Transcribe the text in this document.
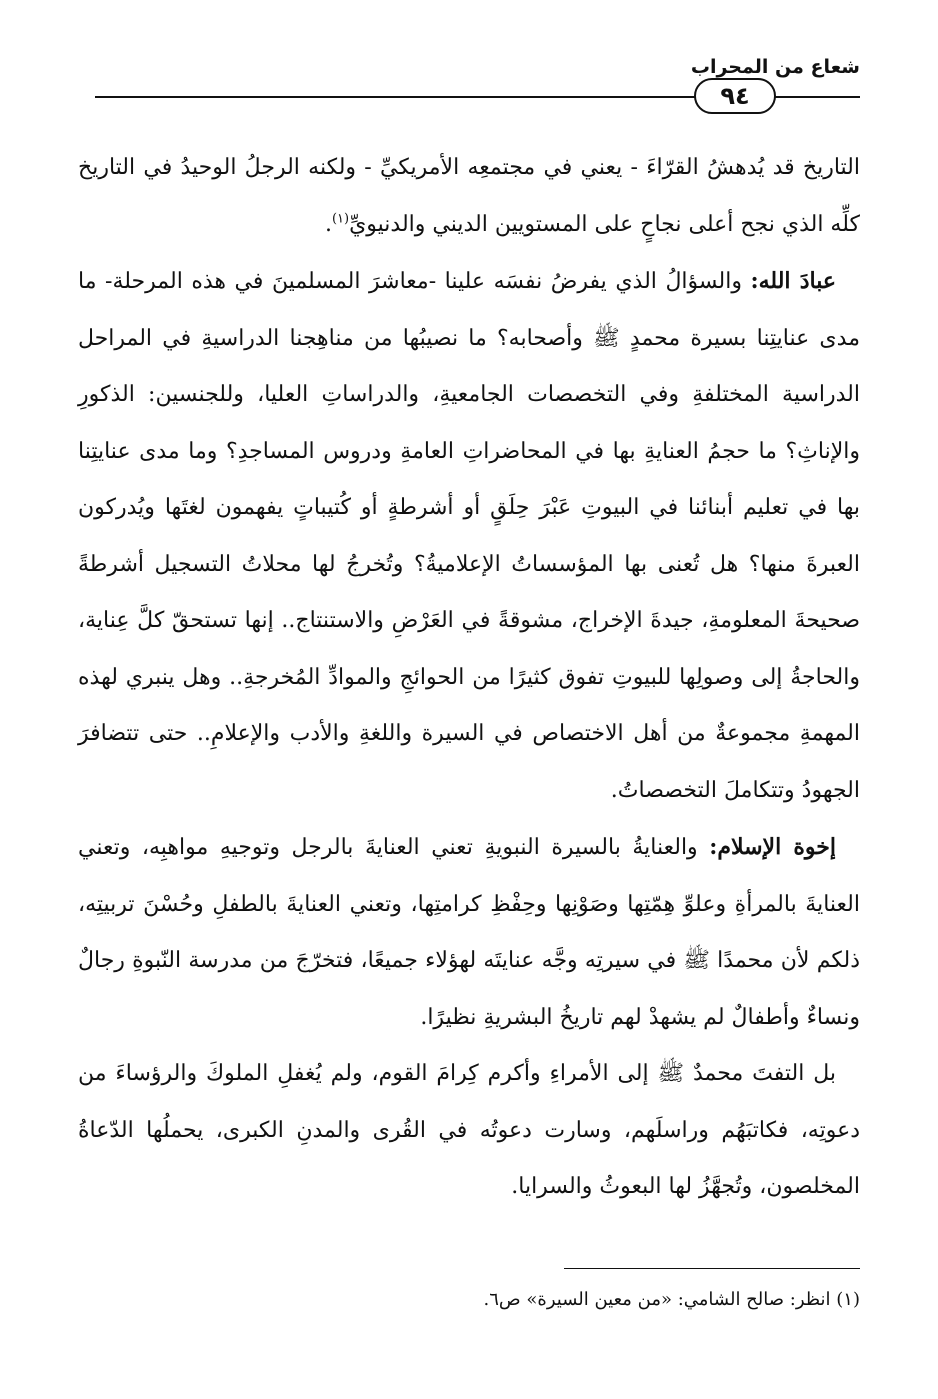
شعاع من المحراب
٩٤

التاريخ قد يُدهشُ القرّاءَ - يعني في مجتمعِه الأمريكيِّ - ولكنه الرجلُ الوحيدُ في التاريخ كلِّه الذي نجح أعلى نجاحٍ على المستويين الديني والدنيويِّ$^{(١)}$.

عبادَ الله: والسؤالُ الذي يفرضُ نفسَه علينا -معاشرَ المسلمينَ في هذه المرحلة- ما مدى عنايتِنا بسيرة محمدٍ ﷺ وأصحابه؟ ما نصيبُها من مناهِجنا الدراسيةِ في المراحل الدراسية المختلفةِ وفي التخصصات الجامعيةِ، والدراساتِ العليا، وللجنسين: الذكورِ والإناثِ؟ ما حجمُ العنايةِ بها في المحاضراتِ العامةِ ودروس المساجدِ؟ وما مدى عنايتِنا بها في تعليم أبنائنا في البيوتِ عَبْرَ حِلَقٍ أو أشرطةٍ أو كُتيباتٍ يفهمون لغتَها ويُدركون العبرةَ منها؟ هل تُعنى بها المؤسساتُ الإعلاميةُ؟ وتُخرجُ لها محلاتُ التسجيل أشرطةً صحيحةَ المعلومةِ، جيدةَ الإخراج، مشوقةً في العَرْضِ والاستنتاج.. إنها تستحقّ كلَّ عِناية، والحاجةُ إلى وصولِها للبيوتِ تفوق كثيرًا من الحوائجِ والموادِّ المُخرجةِ.. وهل ينبري لهذه المهمةِ مجموعةٌ من أهل الاختصاص في السيرة واللغةِ والأدب والإعلامِ.. حتى تتضافرَ الجهودُ وتتكاملَ التخصصاتُ.

إخوة الإسلام: والعنايةُ بالسيرة النبويةِ تعني العنايةَ بالرجل وتوجيهِ مواهبِه، وتعني العنايةَ بالمرأةِ وعلوِّ هِمّتِها وصَوْنِها وحِفْظِ كرامتِها، وتعني العنايةَ بالطفلِ وحُسْنَ تربيتِه، ذلكم لأن محمدًا ﷺ في سيرتِه وجَّه عنايتَه لهؤلاء جميعًا، فتخرّجَ من مدرسة النّبوةِ رجالٌ ونساءٌ وأطفالٌ لم يشهدْ لهم تاريخُ البشريةِ نظيرًا.

بل التفتَ محمدٌ ﷺ إلى الأمراءِ وأكرم كِرامَ القوم، ولم يُغفلِ الملوكَ والرؤساءَ من دعوتِه، فكاتبَهُم وراسلَهم، وسارت دعوتُه في القُرى والمدنِ الكبرى، يحملُها الدّعاةُ المخلصون، وتُجهَّزُ لها البعوثُ والسرايا.

(١) انظر: صالح الشامي: «من معين السيرة» ص٦.
